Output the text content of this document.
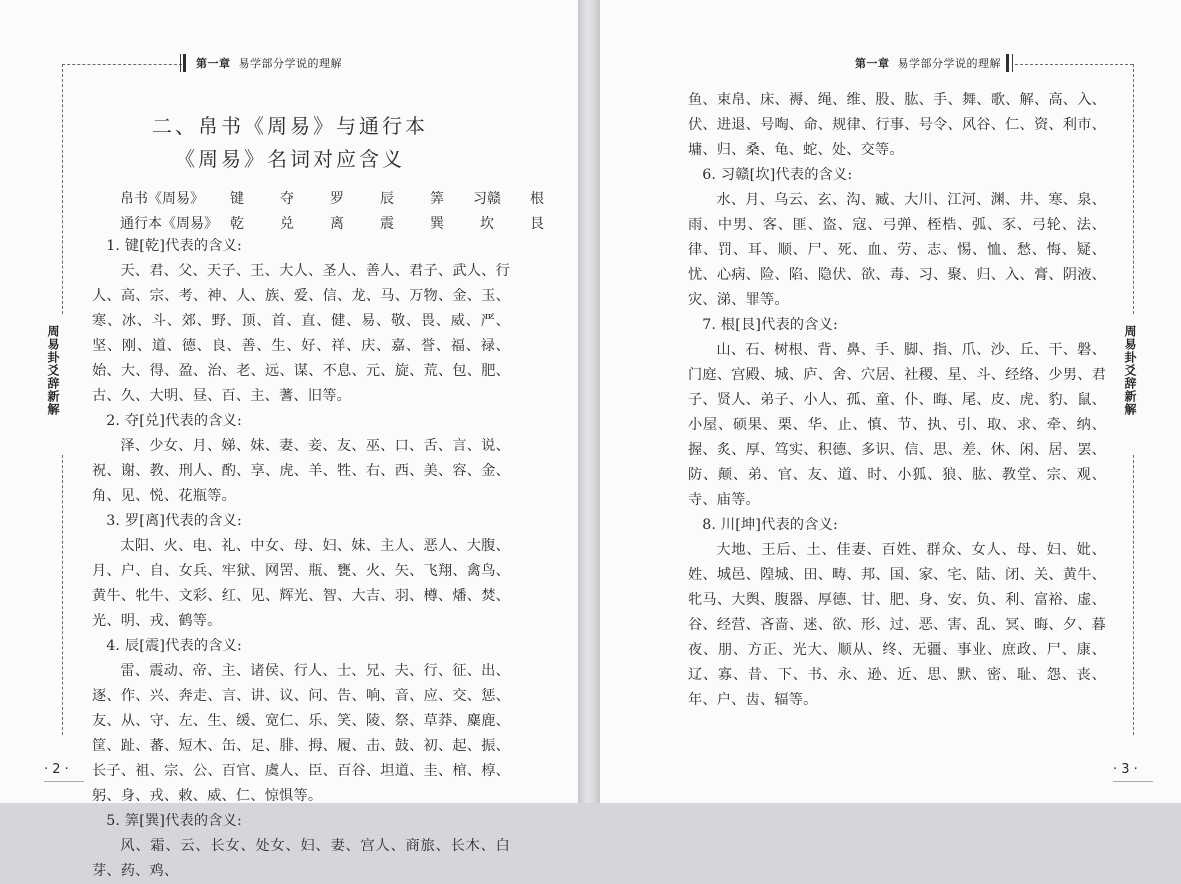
第一章 易学部分学说的理解
周易卦爻辞新解
二、帛书《周易》与通行本
《周易》名词对应含义
帛书《周易》 键	夺	罗	辰	筭 习赣 根
通行本《周易》 乾	兑	离	震	巽	坎	艮

1. 键[乾]代表的含义:

天、君、父、天子、王、大人、圣人、善人、君子、武人、行人、高、宗、考、神、人、族、爱、信、龙、马、万物、金、玉、寒、冰、斗、郊、野、顶、首、直、健、易、敬、畏、威、严、坚、刚、道、德、良、善、生、好、祥、庆、嘉、誉、福、禄、始、大、得、盈、治、老、远、谋、不息、元、旋、荒、包、肥、古、久、大明、昼、百、主、蓍、旧等。

2. 夺[兑]代表的含义:

泽、少女、月、娣、妹、妻、妾、友、巫、口、舌、言、说、祝、谢、教、刑人、酌、享、虎、羊、牲、右、西、美、容、金、角、见、悦、花瓶等。

3. 罗[离]代表的含义:

太阳、火、电、礼、中女、母、妇、妹、主人、恶人、大腹、月、户、自、女兵、牢狱、网罟、瓶、甕、火、矢、飞翔、禽鸟、黄牛、牝牛、文彩、红、见、辉光、智、大吉、羽、樽、燔、焚、光、明、戎、鹤等。

4. 辰[震]代表的含义:

雷、震动、帝、主、诸侯、行人、士、兄、夫、行、征、出、逐、作、兴、奔走、言、讲、议、问、告、响、音、应、交、惩、友、从、守、左、生、缓、宽仁、乐、笑、陵、祭、草莽、麋鹿、筐、趾、蕃、短木、缶、足、腓、拇、履、击、鼓、初、起、振、长子、祖、宗、公、百官、虞人、臣、百谷、坦道、圭、棺、椁、躬、身、戎、敕、威、仁、惊惧等。

5. 筭[巽]代表的含义:

风、霜、云、长女、处女、妇、妻、宫人、商旅、长木、白芽、药、鸡、

· 2 ·
第一章 易学部分学说的理解
周易卦爻辞新解

鱼、束帛、床、褥、绳、维、股、肱、手、舞、歌、解、高、入、伏、进退、号啕、命、规律、行事、号令、风谷、仁、资、利市、墉、归、桑、龟、蛇、处、交等。

6. 习赣[坎]代表的含义:

水、月、乌云、玄、沟、臧、大川、江河、渊、井、寒、泉、雨、中男、客、匪、盗、寇、弓弹、桎梏、弧、豕、弓轮、法、律、罚、耳、顺、尸、死、血、劳、志、惕、恤、愁、悔、疑、忧、心病、险、陷、隐伏、欲、毒、习、聚、归、入、膏、阴液、灾、涕、罪等。

7. 根[艮]代表的含义:

山、石、树根、背、鼻、手、脚、指、爪、沙、丘、干、磐、门庭、宫殿、城、庐、舍、穴居、社稷、星、斗、经络、少男、君子、贤人、弟子、小人、孤、童、仆、晦、尾、皮、虎、豹、鼠、小屋、硕果、栗、华、止、慎、节、执、引、取、求、牵、纳、握、炙、厚、笃实、积德、多识、信、思、差、休、闲、居、罢、防、颠、弟、官、友、道、时、小狐、狼、肱、教堂、宗、观、寺、庙等。

8. 川[坤]代表的含义:

大地、王后、土、佳妻、百姓、群众、女人、母、妇、妣、姓、城邑、隍城、田、畴、邦、国、家、宅、陆、闭、关、黄牛、牝马、大舆、腹器、厚德、甘、肥、身、安、负、利、富裕、虚、谷、经营、吝啬、迷、欲、形、过、恶、害、乱、冥、晦、夕、暮夜、朋、方正、光大、顺从、终、无疆、事业、庶政、尸、康、辽、寡、昔、下、书、永、逊、近、思、默、密、耻、怨、丧、年、户、齿、辐等。

· 3 ·
